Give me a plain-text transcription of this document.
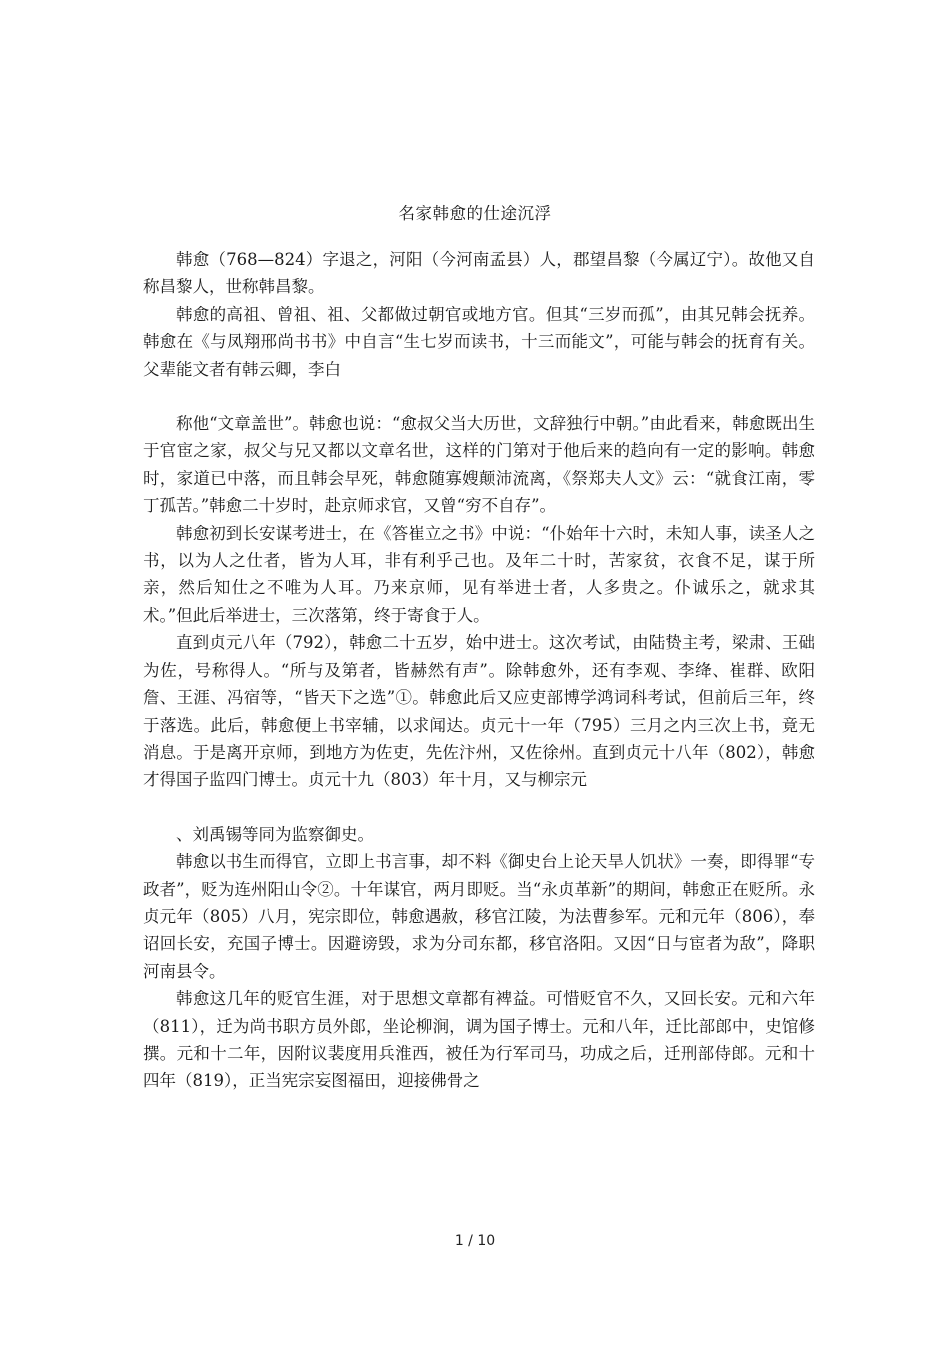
名家韩愈的仕途沉浮

韩愈（768—824）字退之，河阳（今河南孟县）人，郡望昌黎（今属辽宁）。故他又自称昌黎人，世称韩昌黎。

韩愈的高祖、曾祖、祖、父都做过朝官或地方官。但其“三岁而孤”，由其兄韩会抚养。韩愈在《与凤翔邢尚书书》中自言“生七岁而读书，十三而能文”，可能与韩会的抚育有关。父辈能文者有韩云卿，李白

称他“文章盖世”。韩愈也说：“愈叔父当大历世，文辞独行中朝。”由此看来，韩愈既出生于官宦之家，叔父与兄又都以文章名世，这样的门第对于他后来的趋向有一定的影响。韩愈时，家道已中落，而且韩会早死，韩愈随寡嫂颠沛流离，《祭郑夫人文》云：“就食江南，零丁孤苦。”韩愈二十岁时，赴京师求官，又曾“穷不自存”。

韩愈初到长安谋考进士，在《答崔立之书》中说：“仆始年十六时，未知人事，读圣人之书，以为人之仕者，皆为人耳，非有利乎己也。及年二十时，苦家贫，衣食不足，谋于所亲，然后知仕之不唯为人耳。乃来京师，见有举进士者，人多贵之。仆诚乐之，就求其术。”但此后举进士，三次落第，终于寄食于人。

直到贞元八年（792），韩愈二十五岁，始中进士。这次考试，由陆贽主考，梁肃、王础为佐，号称得人。“所与及第者，皆赫然有声”。除韩愈外，还有李观、李绛、崔群、欧阳詹、王涯、冯宿等，“皆天下之选”①。韩愈此后又应吏部博学鸿词科考试，但前后三年，终于落选。此后，韩愈便上书宰辅，以求闻达。贞元十一年（795）三月之内三次上书，竟无消息。于是离开京师，到地方为佐吏，先佐汴州，又佐徐州。直到贞元十八年（802），韩愈才得国子监四门博士。贞元十九（803）年十月，又与柳宗元

、刘禹锡等同为监察御史。

韩愈以书生而得官，立即上书言事，却不料《御史台上论天旱人饥状》一奏，即得罪“专政者”，贬为连州阳山令②。十年谋官，两月即贬。当“永贞革新”的期间，韩愈正在贬所。永贞元年（805）八月，宪宗即位，韩愈遇赦，移官江陵，为法曹参军。元和元年（806），奉诏回长安，充国子博士。因避谤毁，求为分司东都，移官洛阳。又因“日与宦者为敌”，降职河南县令。

韩愈这几年的贬官生涯，对于思想文章都有裨益。可惜贬官不久，又回长安。元和六年（811），迁为尚书职方员外郎，坐论柳涧，调为国子博士。元和八年，迁比部郎中，史馆修撰。元和十二年，因附议裴度用兵淮西，被任为行军司马，功成之后，迁刑部侍郎。元和十四年（819），正当宪宗妄图福田，迎接佛骨之

1 / 10
